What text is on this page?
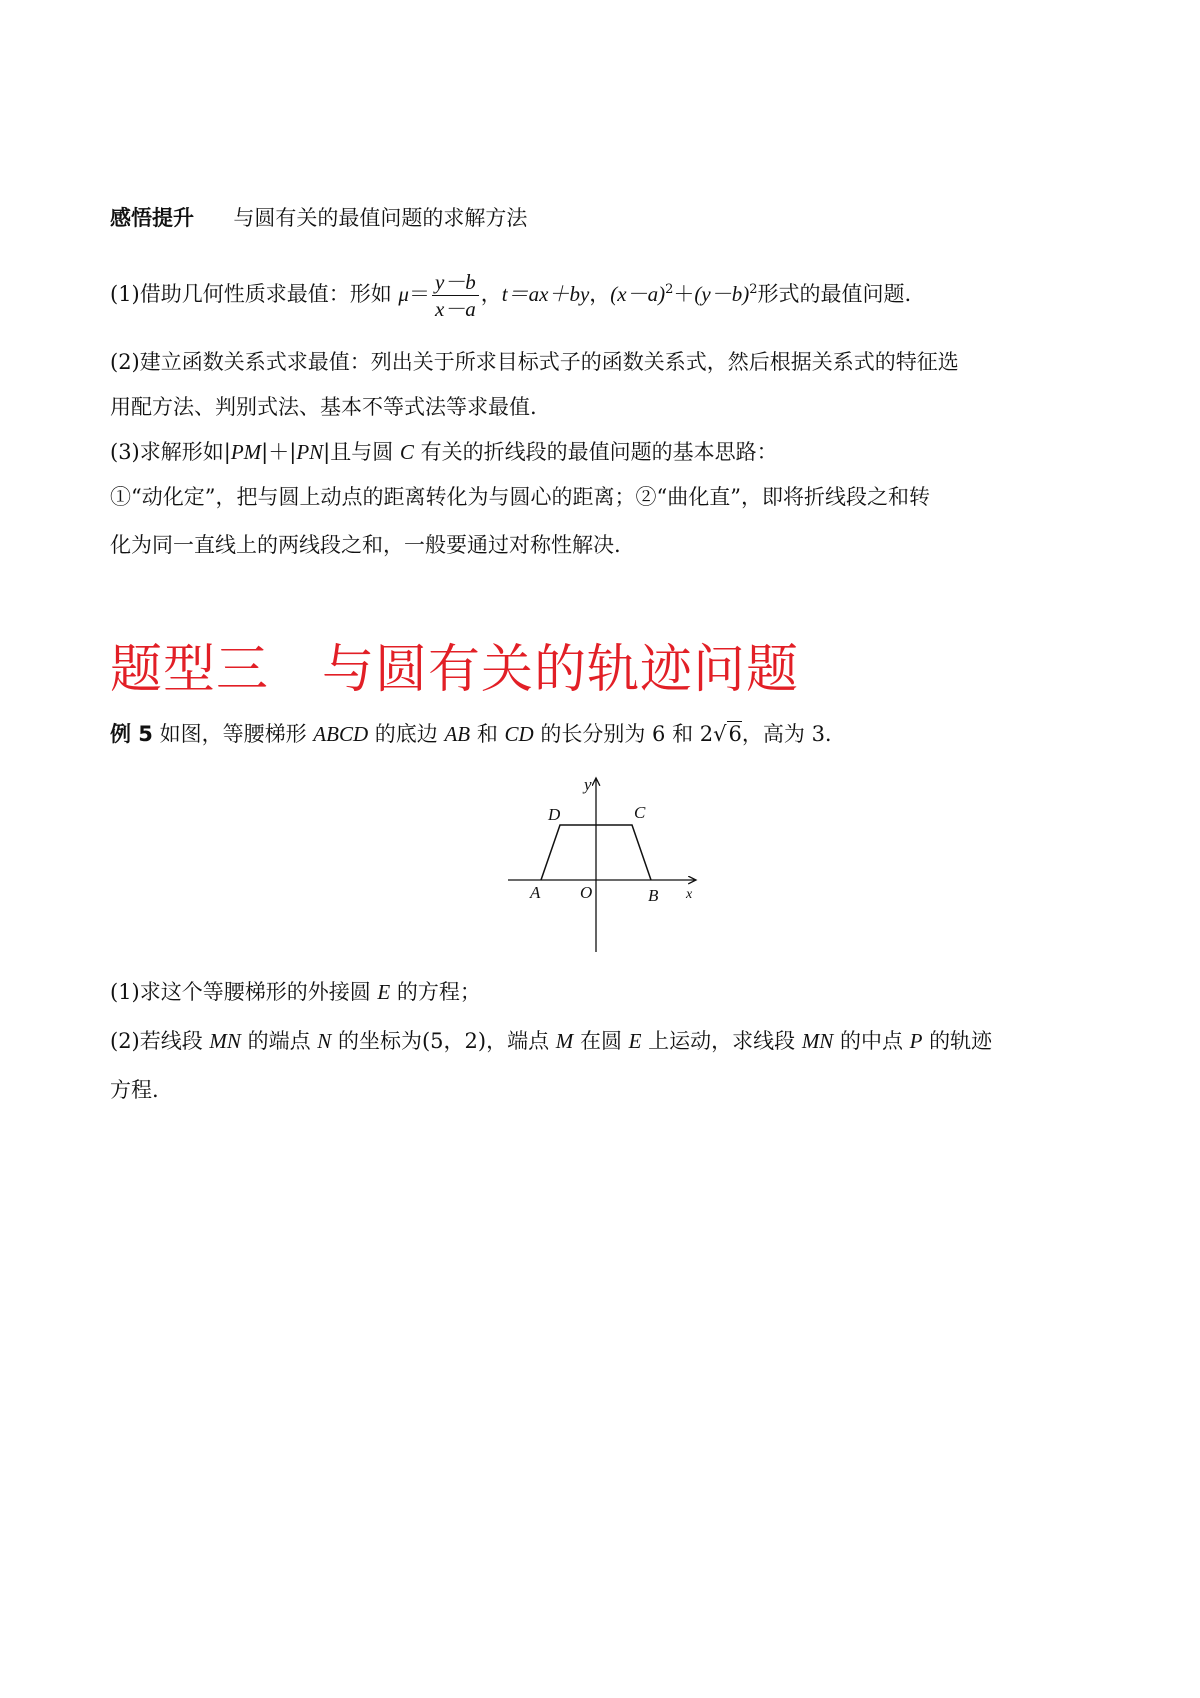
感悟提升 与圆有关的最值问题的求解方法
(1)借助几何性质求最值：形如 $\mu= \frac{y-b}{x-a}$ ，t＝ax＋by，$(x-a)^2+(y-b)^2$形式的最值问题.
(2)建立函数关系式求最值：列出关于所求目标式子的函数关系式，然后根据关系式的特征选
用配方法、判别式法、基本不等式法等求最值.
(3)求解形如|PM|＋|PN|且与圆 C 有关的折线段的最值问题的基本思路：
①“动化定”，把与圆上动点的距离转化为与圆心的距离；②“曲化直”，即将折线段之和转
化为同一直线上的两线段之和，一般要通过对称性解决.
题型三　与圆有关的轨迹问题
例 5 如图，等腰梯形 ABCD 的底边 AB 和 CD 的长分别为 6 和 2√6，高为 3.
y
x
A O	B
D	C
(1)求这个等腰梯形的外接圆 E 的方程；
(2)若线段 MN 的端点 N 的坐标为(5，2)，端点 M 在圆 E 上运动，求线段 MN 的中点 P 的轨迹
方程.
